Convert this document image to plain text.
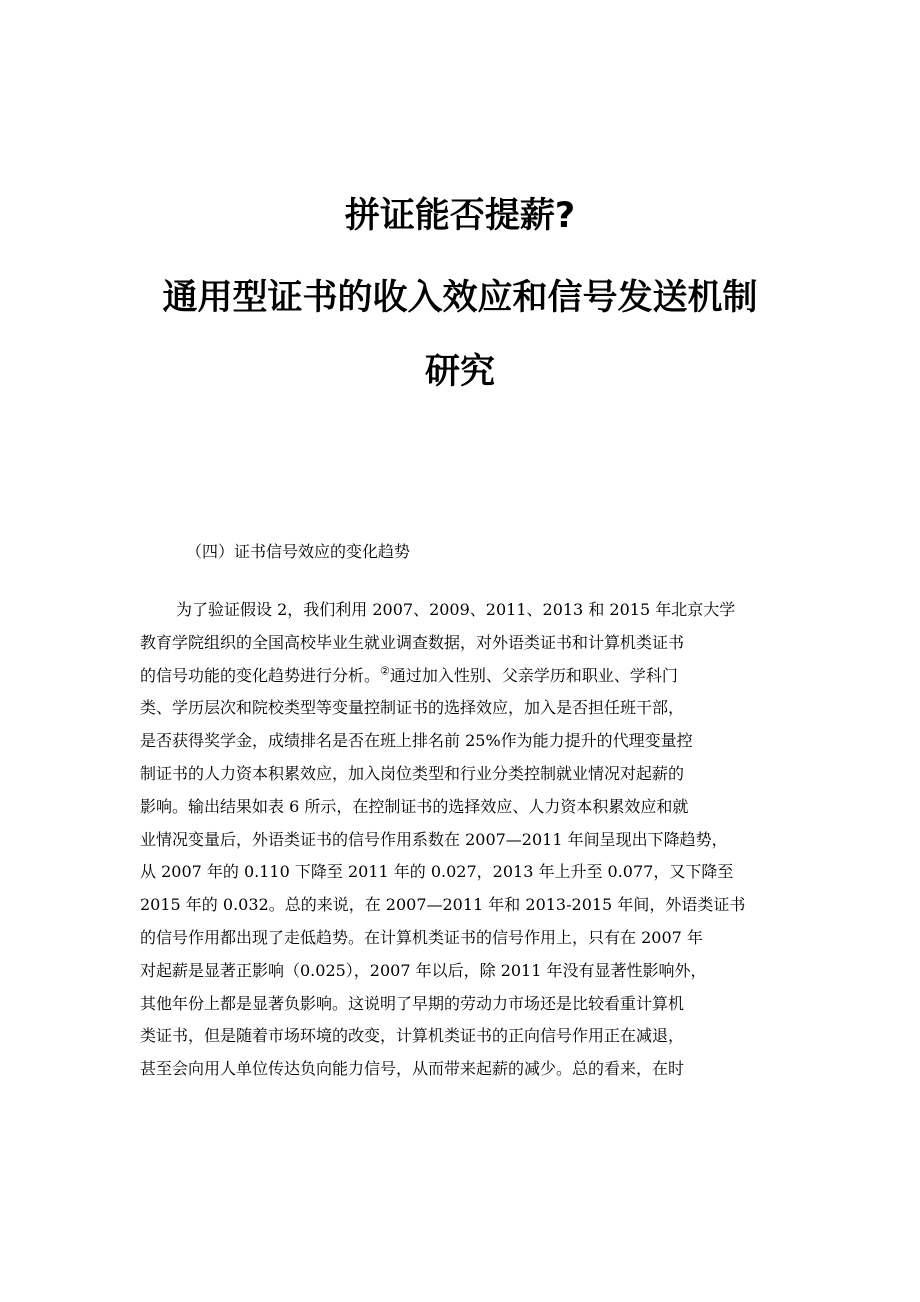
拼证能否提薪?
通用型证书的收入效应和信号发送机制
研究

（四）证书信号效应的变化趋势

为了验证假设 2，我们利用 2007、2009、2011、2013 和 2015 年北京大学
教育学院组织的全国高校毕业生就业调查数据，对外语类证书和计算机类证书
的信号功能的变化趋势进行分析。②通过加入性别、父亲学历和职业、学科门
类、学历层次和院校类型等变量控制证书的选择效应，加入是否担任班干部，
是否获得奖学金，成绩排名是否在班上排名前 25%作为能力提升的代理变量控
制证书的人力资本积累效应，加入岗位类型和行业分类控制就业情况对起薪的
影响。输出结果如表 6 所示，在控制证书的选择效应、人力资本积累效应和就
业情况变量后，外语类证书的信号作用系数在 2007—2011 年间呈现出下降趋势，
从 2007 年的 0.110 下降至 2011 年的 0.027，2013 年上升至 0.077，又下降至
2015 年的 0.032。总的来说，在 2007—2011 年和 2013-2015 年间，外语类证书
的信号作用都出现了走低趋势。在计算机类证书的信号作用上，只有在 2007 年
对起薪是显著正影响（0.025），2007 年以后，除 2011 年没有显著性影响外，
其他年份上都是显著负影响。这说明了早期的劳动力市场还是比较看重计算机
类证书，但是随着市场环境的改变，计算机类证书的正向信号作用正在减退，
甚至会向用人单位传达负向能力信号，从而带来起薪的减少。总的看来，在时
